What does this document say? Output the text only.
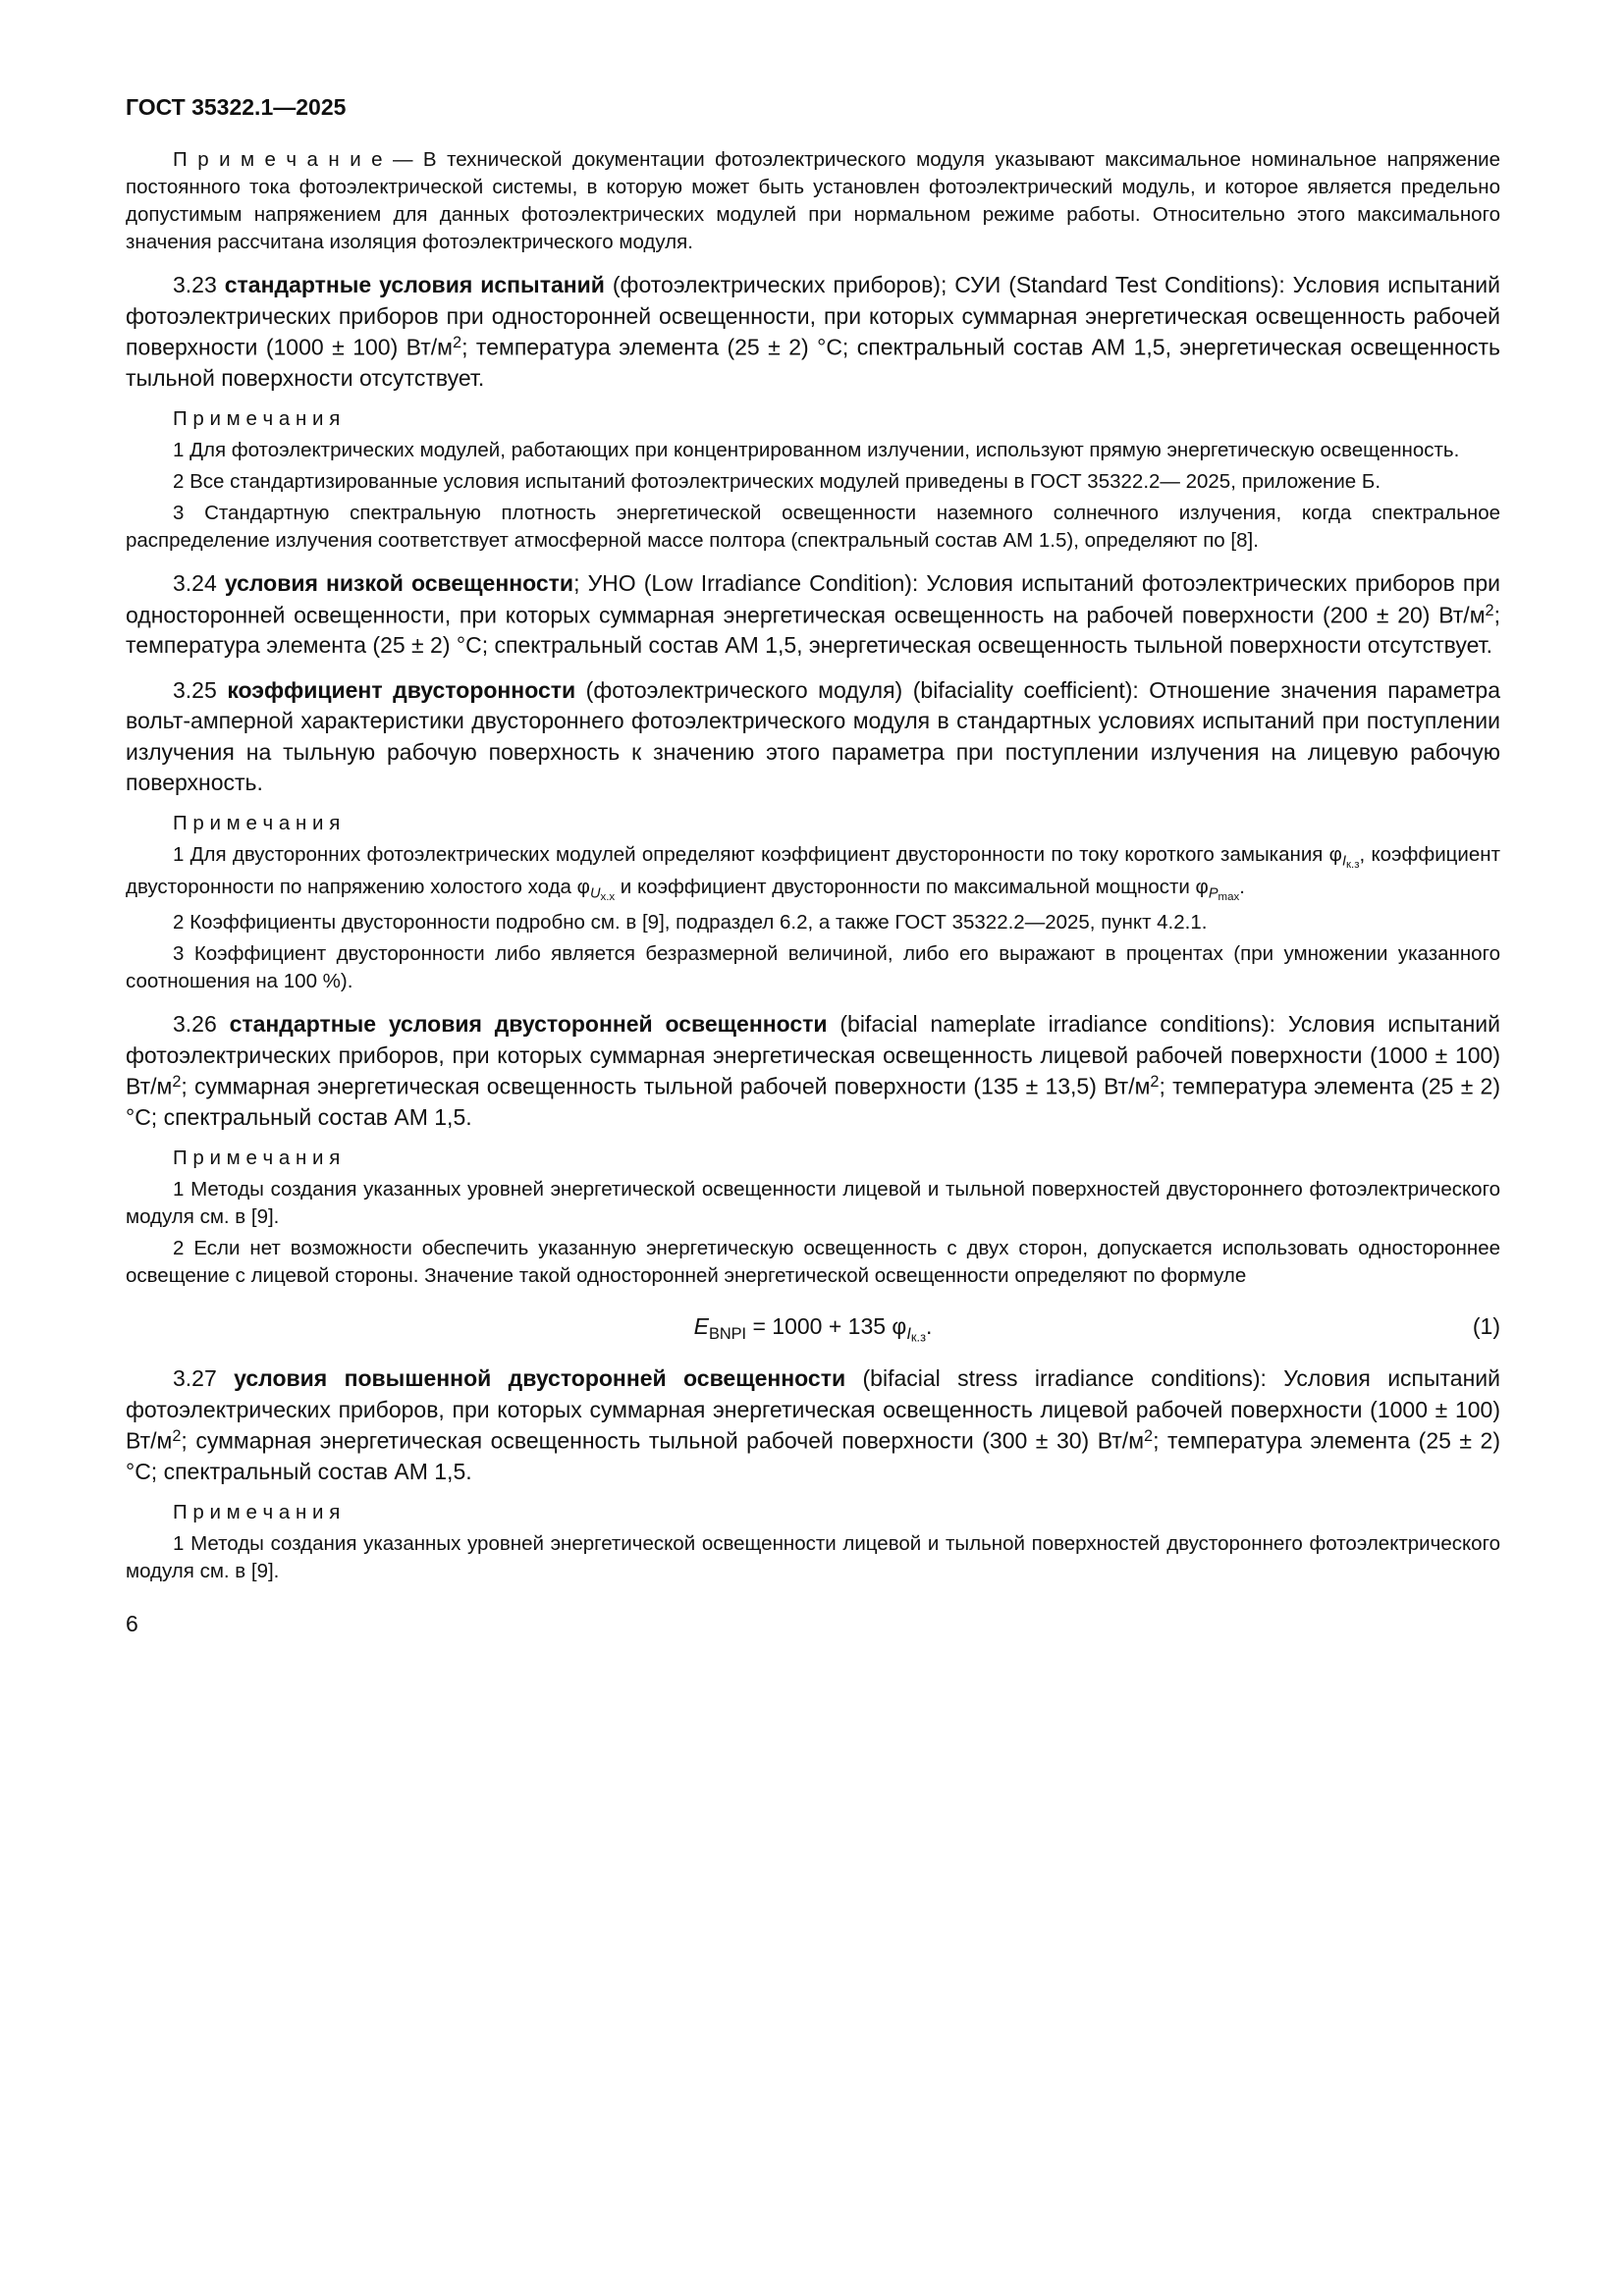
ГОСТ 35322.1—2025
П р и м е ч а н и е — В технической документации фотоэлектрического модуля указывают максимальное номинальное напряжение постоянного тока фотоэлектрической системы, в которую может быть установлен фотоэлектрический модуль, и которое является предельно допустимым напряжением для данных фотоэлектрических модулей при нормальном режиме работы. Относительно этого максимального значения рассчитана изоляция фотоэлектрического модуля.
3.23 стандартные условия испытаний (фотоэлектрических приборов); СУИ (Standard Test Conditions): Условия испытаний фотоэлектрических приборов при односторонней освещенности, при которых суммарная энергетическая освещенность рабочей поверхности (1000 ± 100) $Вт/м^2$; температура элемента (25 ± 2) °С; спектральный состав АМ 1,5, энергетическая освещенность тыльной поверхности отсутствует.
П р и м е ч а н и я
1 Для фотоэлектрических модулей, работающих при концентрированном излучении, используют прямую энергетическую освещенность.
2 Все стандартизированные условия испытаний фотоэлектрических модулей приведены в ГОСТ 35322.2— 2025, приложение Б.
3 Стандартную спектральную плотность энергетической освещенности наземного солнечного излучения, когда спектральное распределение излучения соответствует атмосферной массе полтора (спектральный состав АМ 1.5), определяют по [8].
3.24 условия низкой освещенности; УНО (Low Irradiance Condition): Условия испытаний фотоэлектрических приборов при односторонней освещенности, при которых суммарная энергетическая освещенность на рабочей поверхности (200 ± 20) $Вт/м^2$; температура элемента (25 ± 2) °С; спектральный состав АМ 1,5, энергетическая освещенность тыльной поверхности отсутствует.
3.25 коэффициент двусторонности (фотоэлектрического модуля) (bifaciality coefficient): Отношение значения параметра вольт-амперной характеристики двустороннего фотоэлектрического модуля в стандартных условиях испытаний при поступлении излучения на тыльную рабочую поверхность к значению этого параметра при поступлении излучения на лицевую рабочую поверхность.
П р и м е ч а н и я
1 Для двусторонних фотоэлектрических модулей определяют коэффициент двусторонности по току короткого замыкания $\varphi_{Iк.з}$, коэффициент двусторонности по напряжению холостого хода $\varphi_{Uх.х}$ и коэффициент двусторонности по максимальной мощности $\varphi_{Pmax}$.
2 Коэффициенты двусторонности подробно см. в [9], подраздел 6.2, а также ГОСТ 35322.2—2025, пункт 4.2.1.
3 Коэффициент двусторонности либо является безразмерной величиной, либо его выражают в процентах (при умножении указанного соотношения на 100 %).
3.26 стандартные условия двусторонней освещенности (bifacial nameplate irradiance conditions): Условия испытаний фотоэлектрических приборов, при которых суммарная энергетическая освещенность лицевой рабочей поверхности (1000 ± 100) $Вт/м^2$; суммарная энергетическая освещенность тыльной рабочей поверхности (135 ± 13,5) $Вт/м^2$; температура элемента (25 ± 2) °С; спектральный состав АМ 1,5.
П р и м е ч а н и я
1 Методы создания указанных уровней энергетической освещенности лицевой и тыльной поверхностей двустороннего фотоэлектрического модуля см. в [9].
2 Если нет возможности обеспечить указанную энергетическую освещенность с двух сторон, допускается использовать одностороннее освещение с лицевой стороны. Значение такой односторонней энергетической освещенности определяют по формуле
$E_{BNPI} = 1000 + 135$ $\varphi_{Iк.з}$.	(1)
3.27 условия повышенной двусторонней освещенности (bifacial stress irradiance conditions): Условия испытаний фотоэлектрических приборов, при которых суммарная энергетическая освещенность лицевой рабочей поверхности (1000 ± 100) $Вт/м^2$; суммарная энергетическая освещенность тыльной рабочей поверхности (300 ± 30) $Вт/м^2$; температура элемента (25 ± 2) °С; спектральный состав АМ 1,5.
П р и м е ч а н и я
1 Методы создания указанных уровней энергетической освещенности лицевой и тыльной поверхностей двустороннего фотоэлектрического модуля см. в [9].
6
